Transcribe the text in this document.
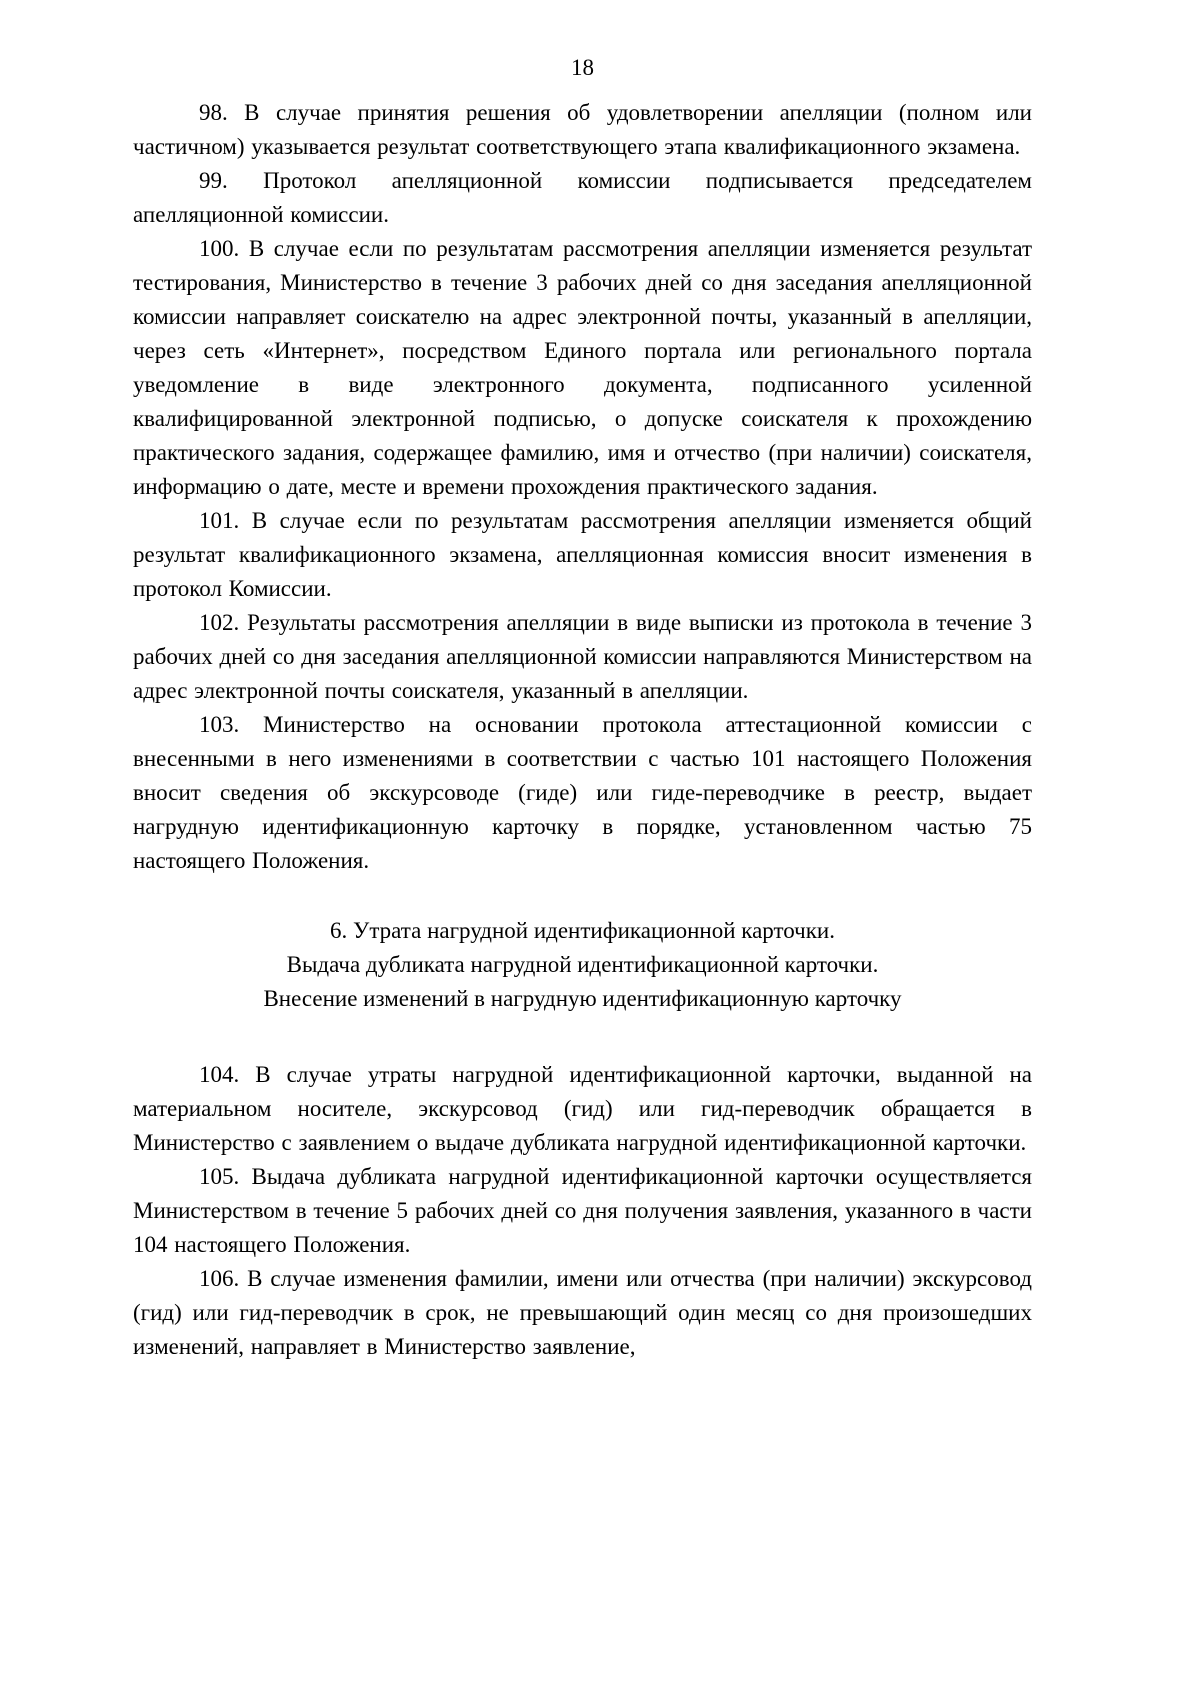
18

98. В случае принятия решения об удовлетворении апелляции (полном или частичном) указывается результат соответствующего этапа квалификационного экзамена.

99. Протокол апелляционной комиссии подписывается председателем апелляционной комиссии.

100. В случае если по результатам рассмотрения апелляции изменяется результат тестирования, Министерство в течение 3 рабочих дней со дня заседания апелляционной комиссии направляет соискателю на адрес электронной почты, указанный в апелляции, через сеть «Интернет», посредством Единого портала или регионального портала уведомление в виде электронного документа, подписанного усиленной квалифицированной электронной подписью, о допуске соискателя к прохождению практического задания, содержащее фамилию, имя и отчество (при наличии) соискателя, информацию о дате, месте и времени прохождения практического задания.

101. В случае если по результатам рассмотрения апелляции изменяется общий результат квалификационного экзамена, апелляционная комиссия вносит изменения в протокол Комиссии.

102. Результаты рассмотрения апелляции в виде выписки из протокола в течение 3 рабочих дней со дня заседания апелляционной комиссии направляются Министерством на адрес электронной почты соискателя, указанный в апелляции.

103. Министерство на основании протокола аттестационной комиссии с внесенными в него изменениями в соответствии с частью 101 настоящего Положения вносит сведения об экскурсоводе (гиде) или гиде-переводчике в реестр, выдает нагрудную идентификационную карточку в порядке, установленном частью 75 настоящего Положения.

6. Утрата нагрудной идентификационной карточки.
Выдача дубликата нагрудной идентификационной карточки.
Внесение изменений в нагрудную идентификационную карточку

104. В случае утраты нагрудной идентификационной карточки, выданной на материальном носителе, экскурсовод (гид) или гид-переводчик обращается в Министерство с заявлением о выдаче дубликата нагрудной идентификационной карточки.

105. Выдача дубликата нагрудной идентификационной карточки осуществляется Министерством в течение 5 рабочих дней со дня получения заявления, указанного в части 104 настоящего Положения.

106. В случае изменения фамилии, имени или отчества (при наличии) экскурсовод (гид) или гид-переводчик в срок, не превышающий один месяц со дня произошедших изменений, направляет в Министерство заявление,
